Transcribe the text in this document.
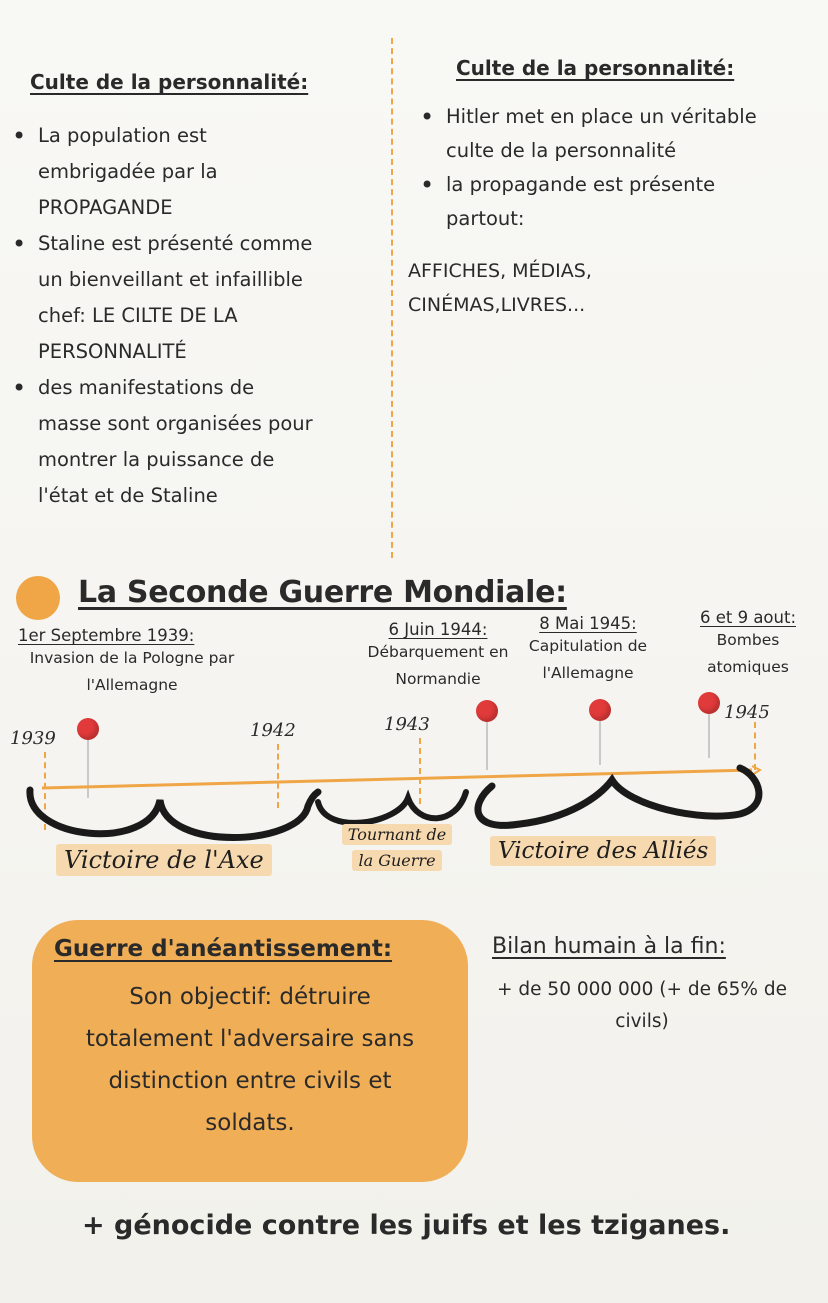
Culte de la personnalité:
• La population est
embrigadée par la
PROPAGANDE
• Staline est présenté comme
un bienveillant et infaillible
chef: LE CILTE DE LA
PERSONNALITÉ
• des manifestations de
masse sont organisées pour
montrer la puissance de
l'état et de Staline
Culte de la personnalité:
• Hitler met en place un véritable
culte de la personnalité
• la propagande est présente
partout:
AFFICHES, MÉDIAS,
CINÉMAS,LIVRES...
La Seconde Guerre Mondiale:
1er Septembre 1939:
Invasion de la Pologne par
l'Allemagne
6 Juin 1944:
Débarquement en
Normandie
8 Mai 1945:
Capitulation de
l'Allemagne
6 et 9 aout:
Bombes
atomiques
1939	1942	1943
1945
Victoire de l'Axe
Tournant de
la Guerre	Victoire des Alliés
Guerre d'anéantissement:
Son objectif: détruire
totalement l'adversaire sans
distinction entre civils et
soldats.
Bilan humain à la fin:
+ de 50 000 000 (+ de 65% de
civils)
+ génocide contre les juifs et les tziganes.
